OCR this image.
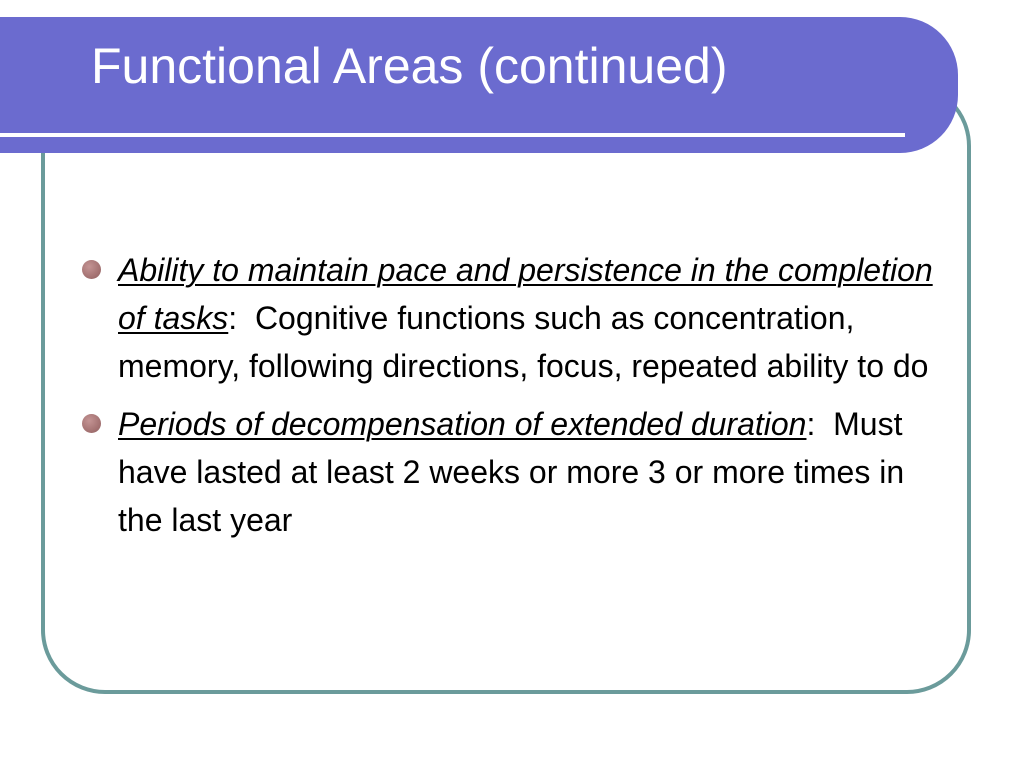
Functional Areas (continued)
Ability to maintain pace and persistence in the completion of tasks:  Cognitive functions such as concentration, memory, following directions, focus, repeated ability to do
Periods of decompensation of extended duration:  Must have lasted at least 2 weeks or more 3 or more times in the last year
